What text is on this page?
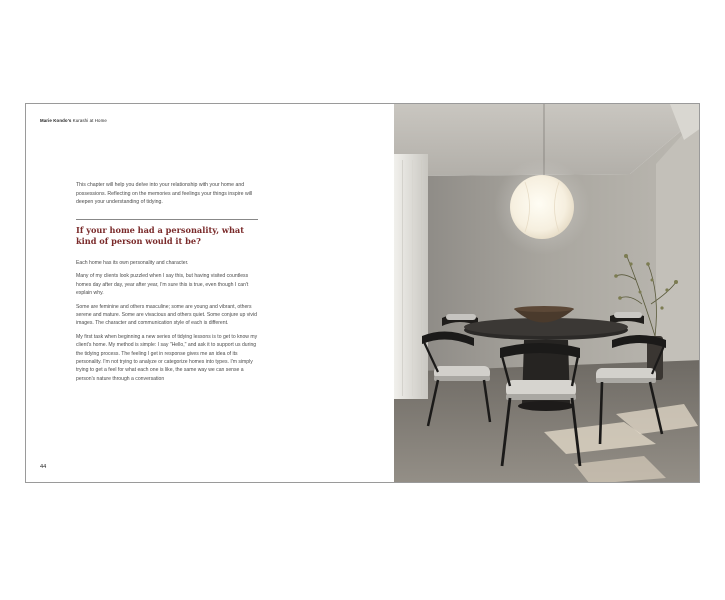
Marie Kondo's Kurashi at Home
This chapter will help you delve into your relationship with your home and possessions. Reflecting on the memories and feelings your things inspire will deepen your understanding of tidying.
If your home had a personality, what kind of person would it be?

Each home has its own personality and character.

Many of my clients look puzzled when I say this, but having visited countless homes day after day, year after year, I'm sure this is true, even though I can't explain why.

Some are feminine and others masculine; some are young and vibrant, others serene and mature. Some are vivacious and others quiet. Some conjure up vivid images. The character and communication style of each is different.

My first task when beginning a new series of tidying lessons is to get to know my client's home. My method is simple: I say "Hello," and ask it to support us during the tidying process. The feeling I get in response gives me an idea of its personality. I'm not trying to analyze or categorize homes into types. I'm simply trying to get a feel for what each one is like, the same way we can sense a person's nature through a conversation

44
